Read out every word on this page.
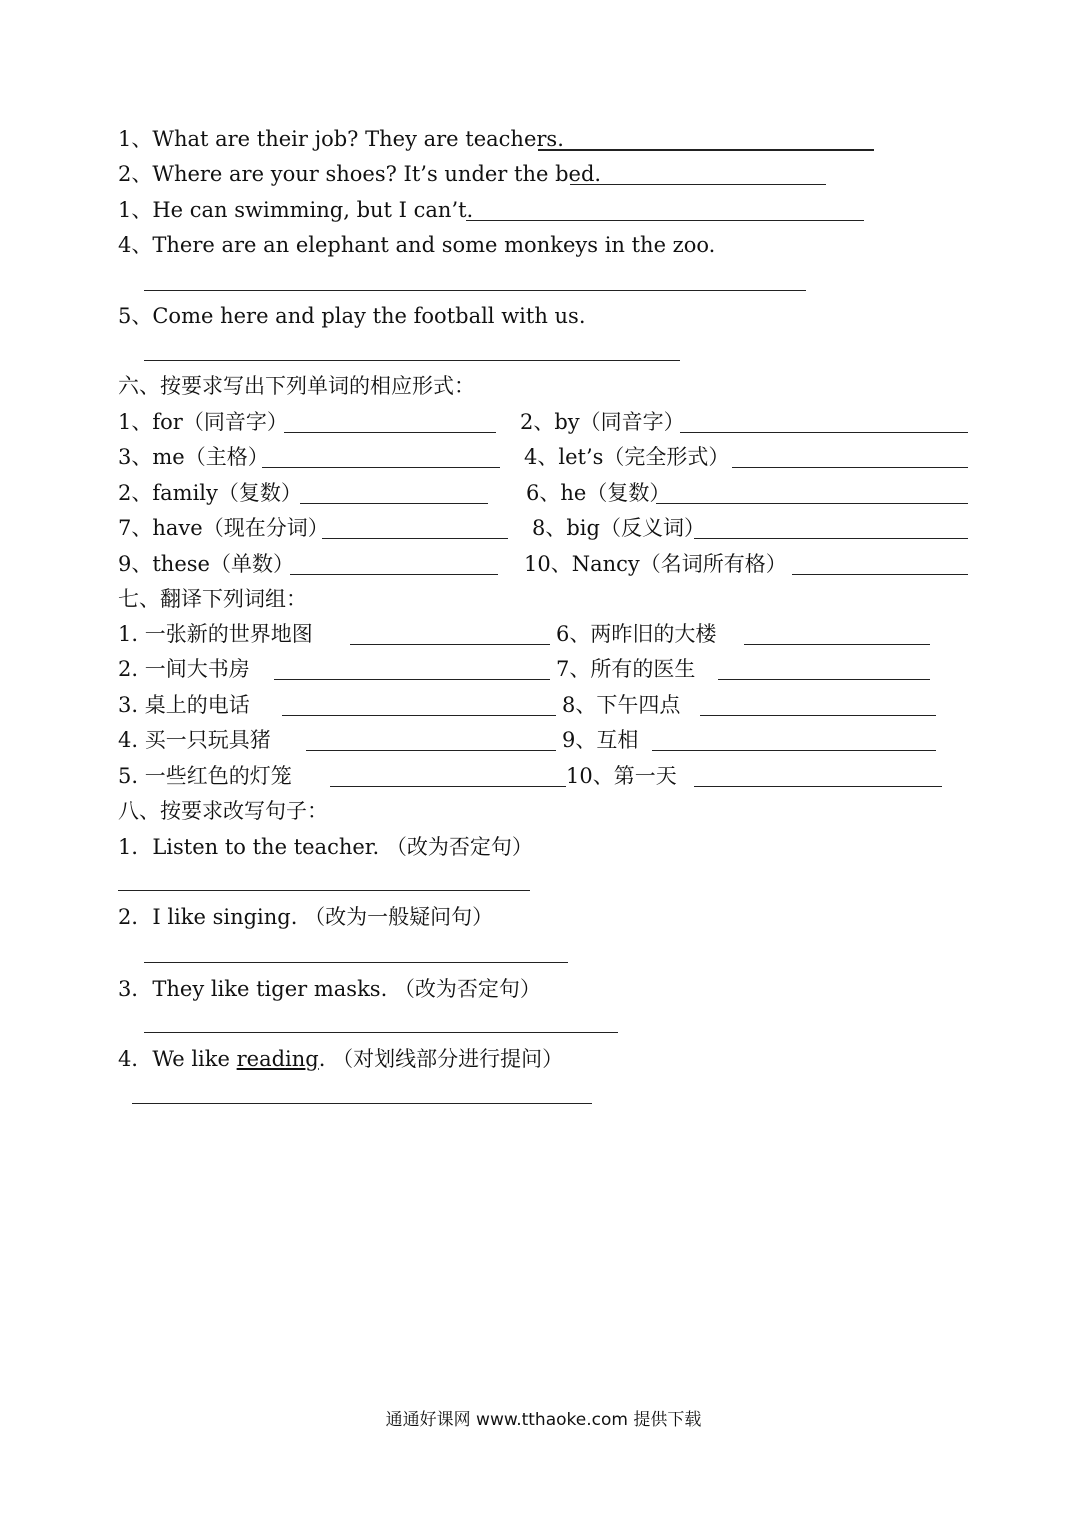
1、What are their job? They are teachers.
2、Where are your shoes? It’s under the bed.
1、He can swimming, but I can’t.
4、There are an elephant and some monkeys in the zoo.
5、Come here and play the football with us.
六、按要求写出下列单词的相应形式：
1、for（同音字）	2、by（同音字）
3、me（主格）	4、let’s（完全形式）
2、family（复数）	6、he（复数）
7、have（现在分词）	8、big（反义词）
9、these（单数）	10、Nancy（名词所有格）
七、翻译下列词组：
1. 一张新的世界地图	6、两昨旧的大楼
2. 一间大书房	7、所有的医生
3. 桌上的电话	8、下午四点
4. 买一只玩具猪	9、互相
5. 一些红色的灯笼	10、第一天
八、按要求改写句子：
1．Listen to the teacher. （改为否定句）
2．I like singing. （改为一般疑问句）
3．They like tiger masks. （改为否定句）
4．We like reading. （对划线部分进行提问）
通通好课网 www.tthaoke.com 提供下载
